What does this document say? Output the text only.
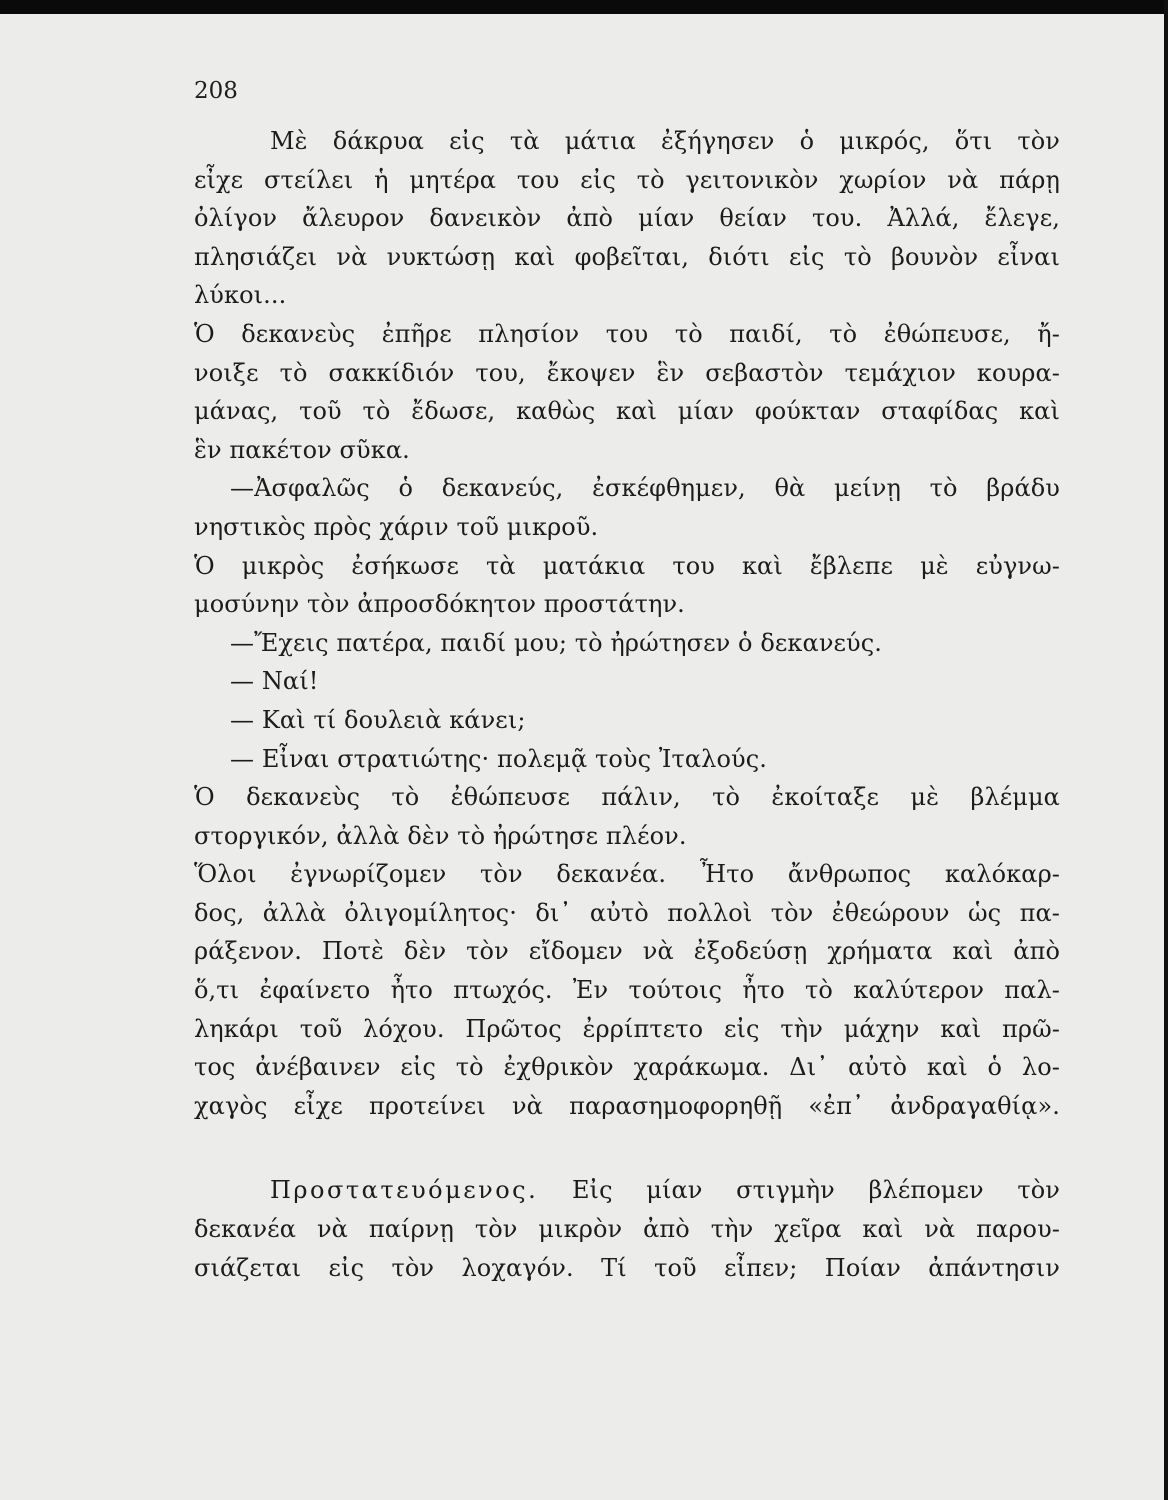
208
Μὲ δάκρυα εἰς τὰ μάτια ἐξήγησεν ὁ μικρός, ὅτι τὸν
εἶχε στείλει ἡ μητέρα του εἰς τὸ γειτονικὸν χωρίον νὰ πάρῃ
ὀλίγον ἄλευρον δανεικὸν ἀπὸ μίαν θείαν του. Ἀλλά, ἔλεγε,
πλησιάζει νὰ νυκτώσῃ καὶ φοβεῖται, διότι εἰς τὸ βουνὸν εἶναι
λύκοι...
Ὁ δεκανεὺς ἐπῆρε πλησίον του τὸ παιδί, τὸ ἐθώπευσε, ἤ-
νοιξε τὸ σακκίδιόν του, ἔκοψεν ἓν σεβαστὸν τεμάχιον κουρα-
μάνας, τοῦ τὸ ἔδωσε, καθὼς καὶ μίαν φούκταν σταφίδας καὶ
ἓν πακέτον σῦκα.
—Ἀσφαλῶς ὁ δεκανεύς, ἐσκέφθημεν, θὰ μείνῃ τὸ βράδυ
νηστικὸς πρὸς χάριν τοῦ μικροῦ.
Ὁ μικρὸς ἐσήκωσε τὰ ματάκια του καὶ ἔβλεπε μὲ εὐγνω-
μοσύνην τὸν ἀπροσδόκητον προστάτην.
—Ἔχεις πατέρα, παιδί μου; τὸ ἠρώτησεν ὁ δεκανεύς.
— Ναί!
— Καὶ τί δουλειὰ κάνει;
— Εἶναι στρατιώτης· πολεμᾷ τοὺς Ἰταλούς.
Ὁ δεκανεὺς τὸ ἐθώπευσε πάλιν, τὸ ἐκοίταξε μὲ βλέμμα
στοργικόν, ἀλλὰ δὲν τὸ ἠρώτησε πλέον.
Ὅλοι ἐγνωρίζομεν τὸν δεκανέα. Ἦτο ἄνθρωπος καλόκαρ-
δος, ἀλλὰ ὀλιγομίλητος· δι᾽ αὐτὸ πολλοὶ τὸν ἐθεώρουν ὡς πα-
ράξενον. Ποτὲ δὲν τὸν εἴδομεν νὰ ἐξοδεύσῃ χρήματα καὶ ἀπὸ
ὅ,τι ἐφαίνετο ἦτο πτωχός. Ἐν τούτοις ἦτο τὸ καλύτερον παλ-
ληκάρι τοῦ λόχου. Πρῶτος ἐρρίπτετο εἰς τὴν μάχην καὶ πρῶ-
τος ἀνέβαινεν εἰς τὸ ἐχθρικὸν χαράκωμα. Δι᾽ αὐτὸ καὶ ὁ λο-
χαγὸς εἶχε προτείνει νὰ παρασημοφορηθῇ «ἐπ᾽ ἀνδραγαθίᾳ».
Προστατευόμενος. Εἰς μίαν στιγμὴν βλέπομεν τὸν
δεκανέα νὰ παίρνῃ τὸν μικρὸν ἀπὸ τὴν χεῖρα καὶ νὰ παρου-
σιάζεται εἰς τὸν λοχαγόν. Τί τοῦ εἶπεν; Ποίαν ἀπάντησιν
